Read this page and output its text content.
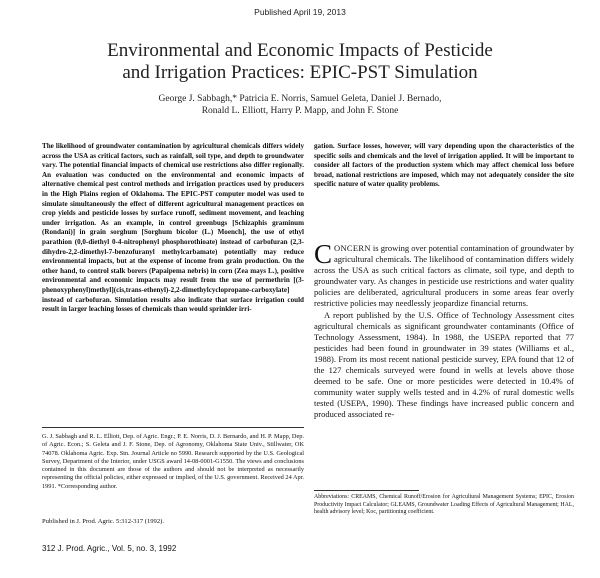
Published April 19, 2013
Environmental and Economic Impacts of Pesticide
and Irrigation Practices: EPIC-PST Simulation
George J. Sabbagh,* Patricia E. Norris, Samuel Geleta, Daniel J. Bernado,
Ronald L. Elliott, Harry P. Mapp, and John F. Stone
The likelihood of groundwater contamination by agricultural chemicals differs widely across the USA as critical factors, such as rainfall, soil type, and depth to groundwater vary. The potential financial impacts of chemical use restrictions also differ regionally. An evaluation was conducted on the environmental and economic impacts of alternative chemical pest control methods and irrigation practices used by producers in the High Plains region of Oklahoma. The EPIC-PST computer model was used to simulate simultaneously the effect of different agricultural management practices on crop yields and pesticide losses by surface runoff, sediment movement, and leaching under irrigation. As an example, in control greenbugs [Schizaphis graminum (Rondani)] in grain sorghum [Sorghum bicolor (L.) Moench], the use of ethyl parathion (0,0-diethyl 0-4-nitrophenyl phosphorothioate) instead of carbofuran (2,3-dihydro-2,2-dimethyl-7-benzofuranyl methylcarbamate) potentially may reduce environmental impacts, but at the expense of income from grain production. On the other hand, to control stalk borers (Papaipema nebris) in corn (Zea mays L.), positive environmental and economic impacts may result from the use of permethrin [(3-phenoxyphenyl)methyl](cis,trans-ethenyl)-2,2-dimethylcyclopropane-carboxylate] instead of carbofuran. Simulation results also indicate that surface irrigation could result in larger leaching losses of chemicals than would sprinkler irri-
gation. Surface losses, however, will vary depending upon the characteristics of the specific soils and chemicals and the level of irrigation applied. It will be important to consider all factors of the production system which may affect chemical loss before broad, national restrictions are imposed, which may not adequately consider the site specific nature of water quality problems.
G. J. Sabbagh and R. L. Elliott, Dep. of Agric. Engr.; P. E. Norris, D. J. Bernardo, and H. P. Mapp, Dep. of Agric. Econ.; S. Geleta and J. F. Stone, Dep. of Agronomy, Oklahoma State Univ., Stillwater, OK 74078. Oklahoma Agric. Exp. Stn. Journal Article no 5990. Research supported by the U.S. Geological Survey, Department of the Interior, under USGS award 14-08-0001-G1550. The views and conclusions contained in this document are those of the authors and should not be interpreted as necessarily representing the official policies, either expressed or implied, of the U.S. government. Received 24 Apr. 1991. *Corresponding author.
Published in J. Prod. Agric. 5:312-317 (1992).
312 J. Prod. Agric., Vol. 5, no. 3, 1992
CONCERN is growing over potential contamination of groundwater by agricultural chemicals. The likelihood of contamination differs widely across the USA as such critical factors as climate, soil type, and depth to groundwater vary. As changes in pesticide use restrictions and water quality policies are deliberated, agricultural producers in some areas fear overly restrictive policies may needlessly jeopardize financial returns.
A report published by the U.S. Office of Technology Assessment cites agricultural chemicals as significant groundwater contaminants (Office of Technology Assessment, 1984). In 1988, the USEPA reported that 77 pesticides had been found in groundwater in 39 states (Williams et al., 1988). From its most recent national pesticide survey, EPA found that 12 of the 127 chemicals surveyed were found in wells at levels above those deemed to be safe. One or more pesticides were detected in 10.4% of community water supply wells tested and in 4.2% of rural domestic wells tested (USEPA, 1990). These findings have increased public concern and produced associated re-
Abbreviations: CREAMS, Chemical Runoff/Erosion for Agricultural Management Systems; EPIC, Erosion Productivity Impact Calculator; GLEAMS, Groundwater Loading Effects of Agricultural Management; HAL, health advisory level; Koc, partitioning coefficient.
